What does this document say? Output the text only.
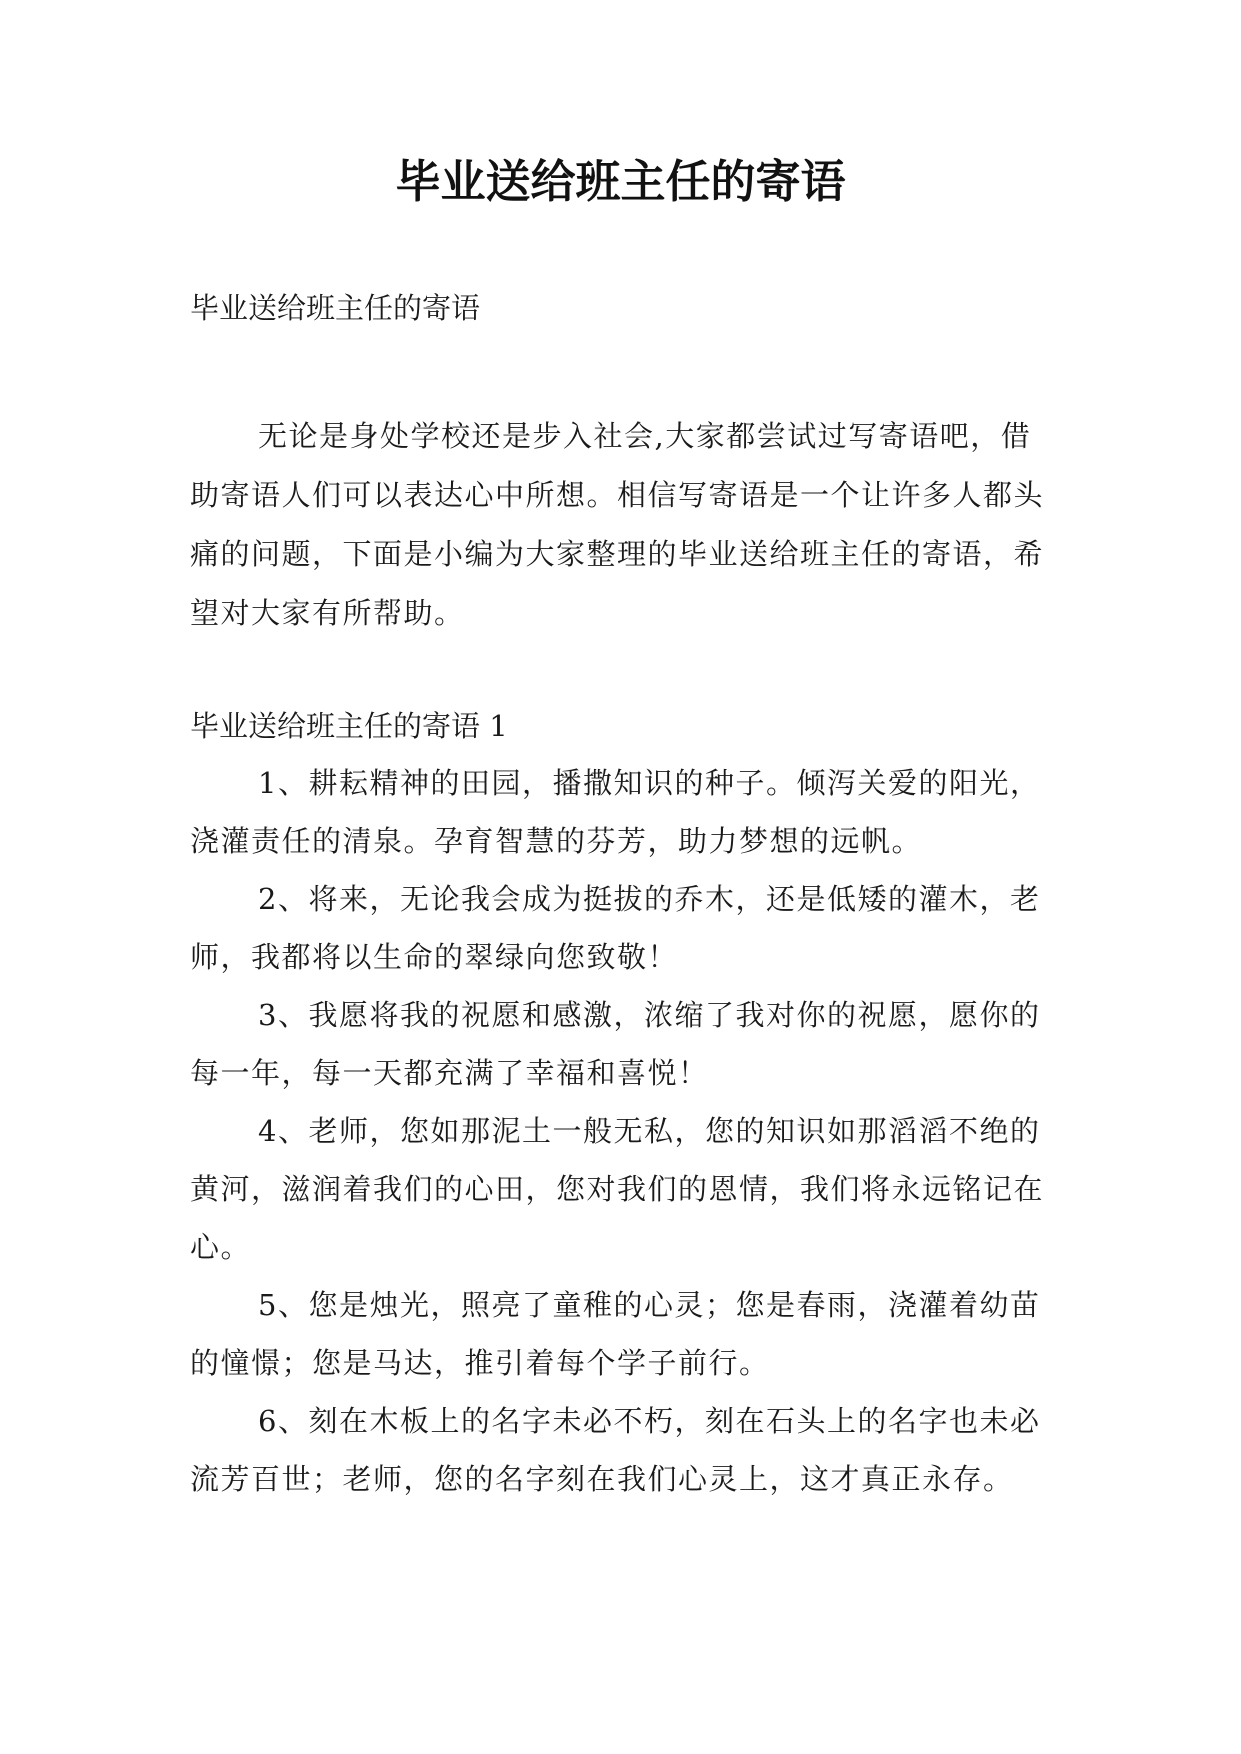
毕业送给班主任的寄语

毕业送给班主任的寄语

无论是身处学校还是步入社会,大家都尝试过写寄语吧，借助寄语人们可以表达心中所想。相信写寄语是一个让许多人都头痛的问题，下面是小编为大家整理的毕业送给班主任的寄语，希望对大家有所帮助。

毕业送给班主任的寄语 1

1、耕耘精神的田园，播撒知识的种子。倾泻关爱的阳光，浇灌责任的清泉。孕育智慧的芬芳，助力梦想的远帆。

2、将来，无论我会成为挺拔的乔木，还是低矮的灌木，老师，我都将以生命的翠绿向您致敬！

3、我愿将我的祝愿和感激，浓缩了我对你的祝愿，愿你的每一年，每一天都充满了幸福和喜悦！

4、老师，您如那泥土一般无私，您的知识如那滔滔不绝的黄河，滋润着我们的心田，您对我们的恩情，我们将永远铭记在心。

5、您是烛光，照亮了童稚的心灵；您是春雨，浇灌着幼苗的憧憬；您是马达，推引着每个学子前行。

6、刻在木板上的名字未必不朽，刻在石头上的名字也未必流芳百世；老师，您的名字刻在我们心灵上，这才真正永存。
